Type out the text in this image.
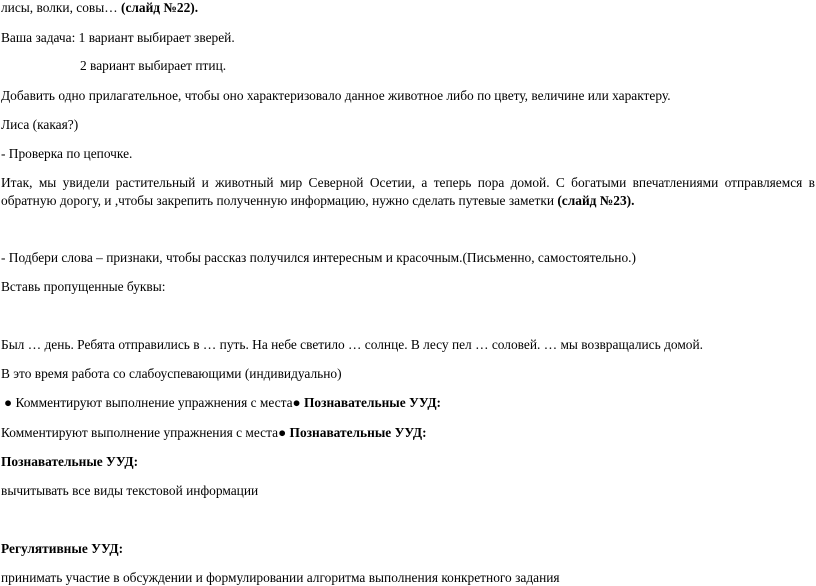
лисы, волки, совы… (слайд №22).
Ваша задача: 1 вариант выбирает зверей.
2 вариант выбирает птиц.
Добавить одно прилагательное, чтобы оно характеризовало данное животное либо по цвету, величине или характеру.
Лиса (какая?)
- Проверка по цепочке.
Итак, мы увидели растительный и животный мир Северной Осетии, а теперь пора домой. С богатыми впечатлениями отправляемся в
обратную дорогу, и ,чтобы закрепить полученную информацию, нужно сделать путевые заметки (слайд №23).
- Подбери слова – признаки, чтобы рассказ получился интересным и красочным.(Письменно, самостоятельно.)
Вставь пропущенные буквы:
Был … день. Ребята отправились в … путь. На небе светило … солнце. В лесу пел … соловей. … мы возвращались домой.
В это время работа со слабоуспевающими (индивидуально)
● Комментируют выполнение упражнения с места● Познавательные УУД:
Комментируют выполнение упражнения с места● Познавательные УУД:
Познавательные УУД:
вычитывать все виды текстовой информации
Регулятивные УУД:
принимать участие в обсуждении и формулировании алгоритма выполнения конкретного задания
